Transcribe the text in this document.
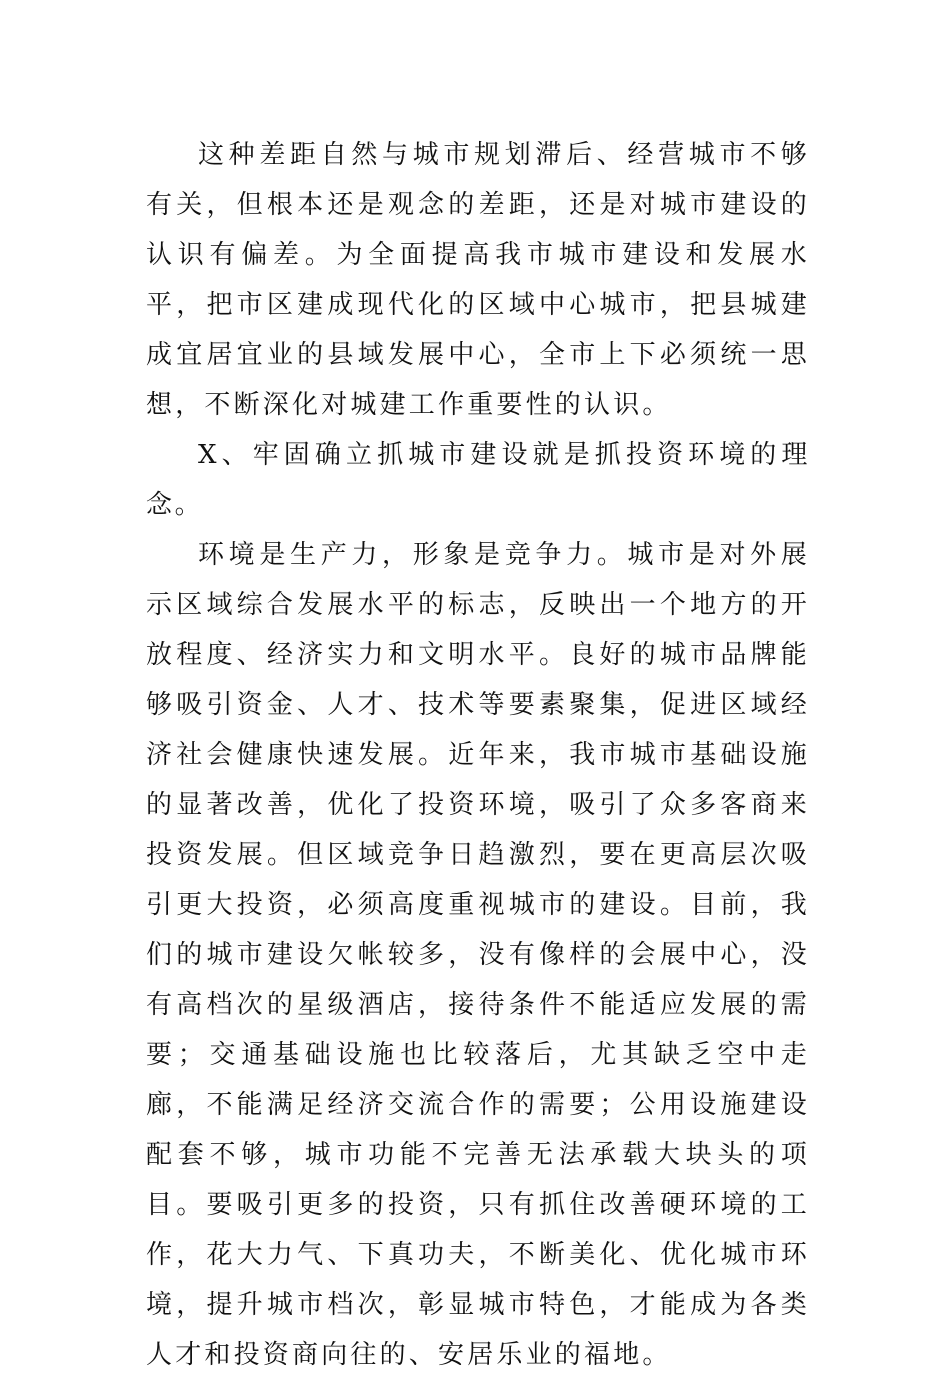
这种差距自然与城市规划滞后、经营城市不够有关，但根本还是观念的差距，还是对城市建设的认识有偏差。为全面提高我市城市建设和发展水平，把市区建成现代化的区域中心城市，把县城建成宜居宜业的县域发展中心，全市上下必须统一思想，不断深化对城建工作重要性的认识。

X、牢固确立抓城市建设就是抓投资环境的理念。

环境是生产力，形象是竞争力。城市是对外展示区域综合发展水平的标志，反映出一个地方的开放程度、经济实力和文明水平。良好的城市品牌能够吸引资金、人才、技术等要素聚集，促进区域经济社会健康快速发展。近年来，我市城市基础设施的显著改善，优化了投资环境，吸引了众多客商来投资发展。但区域竞争日趋激烈，要在更高层次吸引更大投资，必须高度重视城市的建设。目前，我们的城市建设欠帐较多，没有像样的会展中心，没有高档次的星级酒店，接待条件不能适应发展的需要；交通基础设施也比较落后，尤其缺乏空中走廊，不能满足经济交流合作的需要；公用设施建设配套不够，城市功能不完善无法承载大块头的项目。要吸引更多的投资，只有抓住改善硬环境的工作，花大力气、下真功夫，不断美化、优化城市环境，提升城市档次，彰显城市特色，才能成为各类人才和投资商向往的、安居乐业的福地。
